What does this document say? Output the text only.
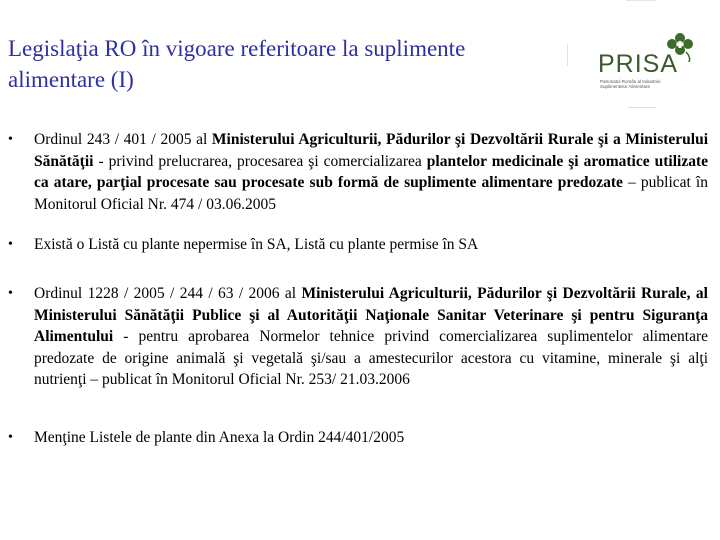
Legislaţia RO în vigoare referitoare la suplimente alimentare (I)
PRISA
Patronatul Român al Industriei Suplimentelor Alimentare
• Ordinul 243 / 401 / 2005 al Ministerului Agriculturii, Pădurilor şi Dezvoltării Rurale şi a Ministerului Sănătăţii - privind prelucrarea, procesarea şi comercializarea plantelor medicinale şi aromatice utilizate ca atare, parţial procesate sau procesate sub formă de suplimente alimentare predozate – publicat în Monitorul Oficial Nr. 474 / 03.06.2005
• Există o Listă cu plante nepermise în SA, Listă cu plante permise în SA
• Ordinul 1228 / 2005 / 244 / 63 / 2006 al Ministerului Agriculturii, Pădurilor şi Dezvoltării Rurale, al Ministerului Sănătăţii Publice şi al Autorităţii Naţionale Sanitar Veterinare şi pentru Siguranţa Alimentului - pentru aprobarea Normelor tehnice privind comercializarea suplimentelor alimentare predozate de origine animală şi vegetală şi/sau a amestecurilor acestora cu vitamine, minerale şi alţi nutrienţi – publicat în Monitorul Oficial Nr. 253/ 21.03.2006
• Menţine Listele de plante din Anexa la Ordin 244/401/2005
